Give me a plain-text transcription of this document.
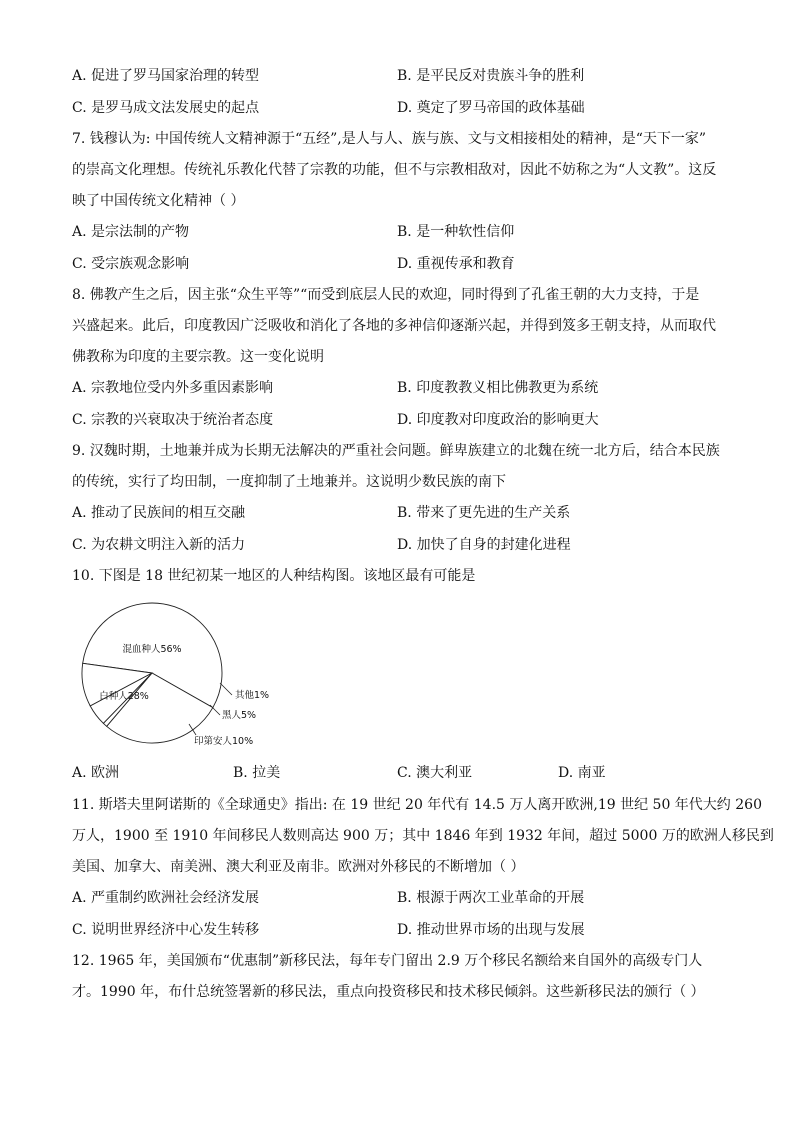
A. 促进了罗马国家治理的转型	B. 是平民反对贵族斗争的胜利
C. 是罗马成文法发展史的起点	D. 奠定了罗马帝国的政体基础
7. 钱穆认为: 中国传统人文精神源于“五经”,是人与人、族与族、文与文相接相处的精神，是“天下一家”
的崇高文化理想。传统礼乐教化代替了宗教的功能，但不与宗教相敌对，因此不妨称之为“人文教”。这反
映了中国传统文化精神（ ）
A. 是宗法制的产物	B. 是一种软性信仰
C. 受宗族观念影响	D. 重视传承和教育
8. 佛教产生之后，因主张“众生平等”“而受到底层人民的欢迎，同时得到了孔雀王朝的大力支持，于是
兴盛起来。此后，印度教因广泛吸收和消化了各地的多神信仰逐渐兴起，并得到笈多王朝支持，从而取代
佛教称为印度的主要宗教。这一变化说明
A. 宗教地位受内外多重因素影响	B. 印度教教义相比佛教更为系统
C. 宗教的兴衰取决于统治者态度	D. 印度教对印度政治的影响更大
9. 汉魏时期，土地兼并成为长期无法解决的严重社会问题。鲜卑族建立的北魏在统一北方后，结合本民族
的传统，实行了均田制，一度抑制了土地兼并。这说明少数民族的南下
A. 推动了民族间的相互交融	B. 带来了更先进的生产关系
C. 为农耕文明注入新的活力	D. 加快了自身的封建化进程
10. 下图是 18 世纪初某一地区的人种结构图。该地区最有可能是
混血种人56%
白种人28%	其他1%
黑人5%
印第安人10%
A. 欧洲	B. 拉美	C. 澳大利亚	D. 南亚
11. 斯塔夫里阿诺斯的《全球通史》指出: 在 19 世纪 20 年代有 14.5 万人离开欧洲,19 世纪 50 年代大约 260
万人，1900 至 1910 年间移民人数则高达 900 万；其中 1846 年到 1932 年间，超过 5000 万的欧洲人移民到
美国、加拿大、南美洲、澳大利亚及南非。欧洲对外移民的不断增加（ ）
A. 严重制约欧洲社会经济发展	B. 根源于两次工业革命的开展
C. 说明世界经济中心发生转移	D. 推动世界市场的出现与发展
12. 1965 年，美国颁布“优惠制”新移民法，每年专门留出 2.9 万个移民名额给来自国外的高级专门人
才。1990 年，布什总统签署新的移民法，重点向投资移民和技术移民倾斜。这些新移民法的颁行（ ）
